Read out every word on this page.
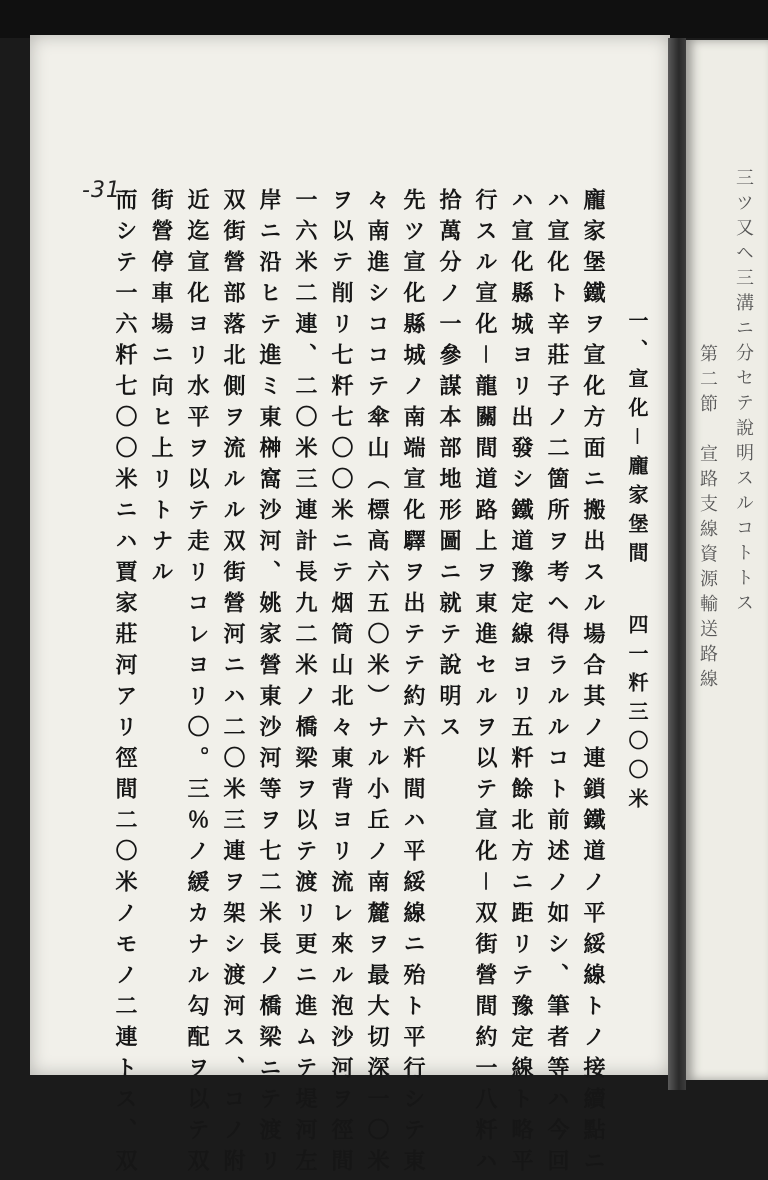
-31-	三ツ又ヘ三溝ニ分セテ說明スルコトトス
第二節　宣路支線資源輸送路線
一、宣化－龐家堡間
四一粁三〇〇米
龐家堡鐵ヲ宣化方面ニ搬出スル場合其ノ連鎖鐵道ノ平綏線トノ接續點ニ
ハ宣化ト辛莊子ノ二箇所ヲ考ヘ得ラルルコト前述ノ如シ、筆者等ハ今回
ハ宣化縣城ヨリ出發シ鐵道豫定線ヨリ五粁餘北方ニ距リテ豫定線ト略平
行スル宣化－龍關間道路上ヲ東進セルヲ以テ宣化－双街營間約一八粁ハ
拾萬分ノ一參謀本部地形圖ニ就テ說明ス
先ツ宣化縣城ノ南端宣化驛ヲ出テテ約六粁間ハ平綏線ニ殆ト平行シテ東
々南進シココテ傘山（標高六五〇米）ナル小丘ノ南麓ヲ最大切深一〇米
ヲ以テ削リ七粁七〇〇米ニテ烟筒山北々東背ヨリ流レ來ル泡沙河ヲ徑間
一六米二連、二〇米三連計長九二米ノ橋梁ヲ以テ渡リ更ニ進ムテ堤河左
岸ニ沿ヒテ進ミ東榊窩沙河、姚家營東沙河等ヲ七二米長ノ橋梁ニテ渡リ
双街營部落北側ヲ流ルル双街營河ニハ二〇米三連ヲ架シ渡河ス、コノ附
近迄宣化ヨリ水平ヲ以テ走リコレヨリ〇。三％ノ緩カナル勾配ヲ以テ双
街營停車場ニ向ヒ上リトナル
而シテ一六粁七〇〇米ニハ賈家莊河アリ徑間二〇米ノモノ二連トス、双
